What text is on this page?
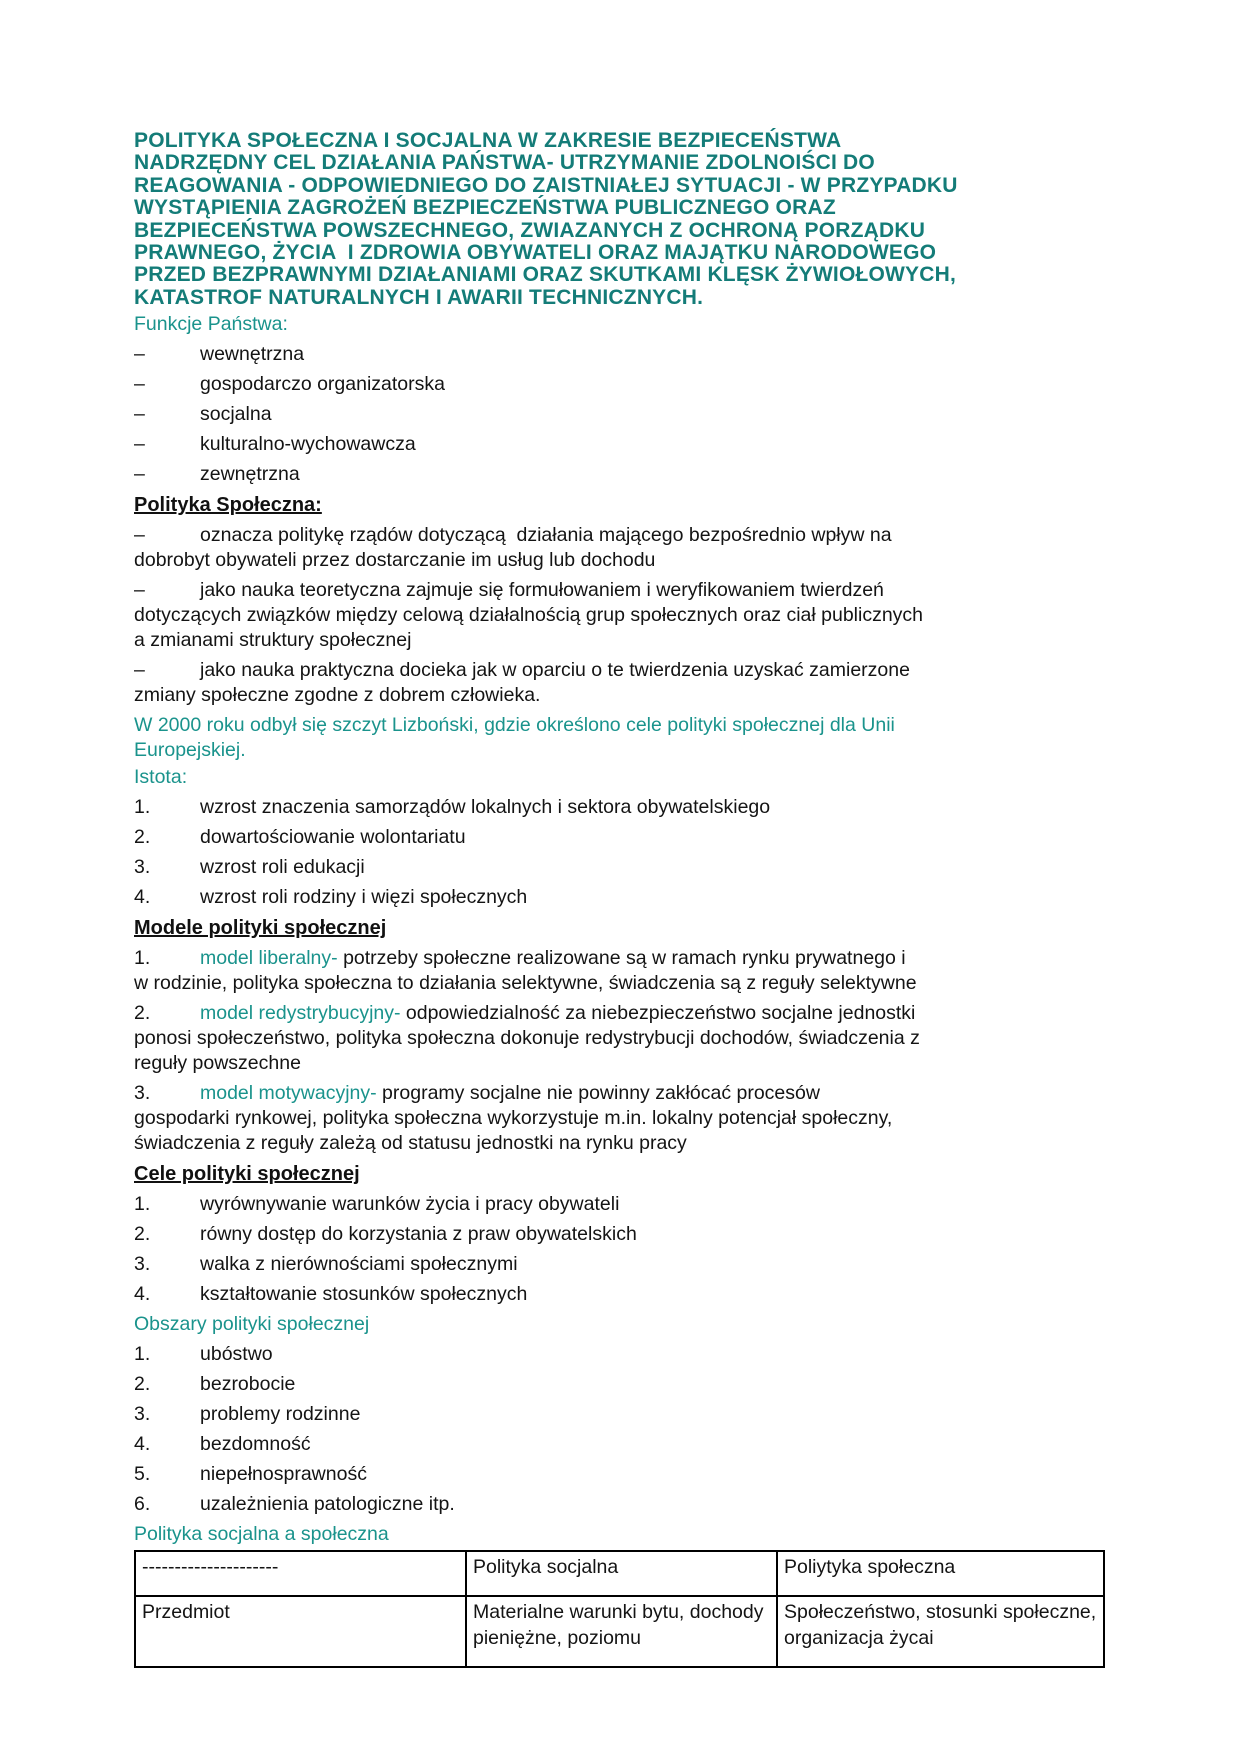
POLITYKA SPOŁECZNA I SOCJALNA W ZAKRESIE BEZPIECEŃSTWA
NADRZĘDNY CEL DZIAŁANIA PAŃSTWA- UTRZYMANIE ZDOLNOIŚCI DO
REAGOWANIA - ODPOWIEDNIEGO DO ZAISTNIAŁEJ SYTUACJI - W PRZYPADKU
WYSTĄPIENIA ZAGROŻEŃ BEZPIECZEŃSTWA PUBLICZNEGO ORAZ
BEZPIECEŃSTWA POWSZECHNEGO, ZWIAZANYCH Z OCHRONĄ PORZĄDKU
PRAWNEGO, ŻYCIA  I ZDROWIA OBYWATELI ORAZ MAJĄTKU NARODOWEGO
PRZED BEZPRAWNYMI DZIAŁANIAMI ORAZ SKUTKAMI KLĘSK ŻYWIOŁOWYCH,
KATASTROF NATURALNYCH I AWARII TECHNICZNYCH.
Funkcje Państwa:
–	wewnętrzna
–	gospodarczo organizatorska
–	socjalna
–	kulturalno-wychowawcza
–	zewnętrzna
Polityka Społeczna:
–	oznacza politykę rządów dotyczącą  działania mającego bezpośrednio wpływ na
dobrobyt obywateli przez dostarczanie im usług lub dochodu
–	jako nauka teoretyczna zajmuje się formułowaniem i weryfikowaniem twierdzeń
dotyczących związków między celową działalnością grup społecznych oraz ciał publicznych
a zmianami struktury społecznej
–	jako nauka praktyczna docieka jak w oparciu o te twierdzenia uzyskać zamierzone
zmiany społeczne zgodne z dobrem człowieka.
W 2000 roku odbył się szczyt Lizboński, gdzie określono cele polityki społecznej dla Unii
Europejskiej.
Istota:
1.	wzrost znaczenia samorządów lokalnych i sektora obywatelskiego
2.	dowartościowanie wolontariatu
3.	wzrost roli edukacji
4.	wzrost roli rodziny i więzi społecznych
Modele polityki społecznej
1.	model liberalny- potrzeby społeczne realizowane są w ramach rynku prywatnego i
w rodzinie, polityka społeczna to działania selektywne, świadczenia są z reguły selektywne
2.	model redystrybucyjny- odpowiedzialność za niebezpieczeństwo socjalne jednostki
ponosi społeczeństwo, polityka społeczna dokonuje redystrybucji dochodów, świadczenia z
reguły powszechne
3.	model motywacyjny- programy socjalne nie powinny zakłócać procesów
gospodarki rynkowej, polityka społeczna wykorzystuje m.in. lokalny potencjał społeczny,
świadczenia z reguły zależą od statusu jednostki na rynku pracy
Cele polityki społecznej
1.	wyrównywanie warunków życia i pracy obywateli
2.	równy dostęp do korzystania z praw obywatelskich
3.	walka z nierównościami społecznymi
4.	kształtowanie stosunków społecznych
Obszary polityki społecznej
1.	ubóstwo
2.	bezrobocie
3.	problemy rodzinne
4.	bezdomność
5.	niepełnosprawność
6.	uzależnienia patologiczne itp.
Polityka socjalna a społeczna
---------------------	Polityka socjalna	Poliytyka społeczna
Przedmiot	Materialne warunki bytu, dochody pieniężne, poziomu	Społeczeństwo, stosunki społeczne, organizacja życai
